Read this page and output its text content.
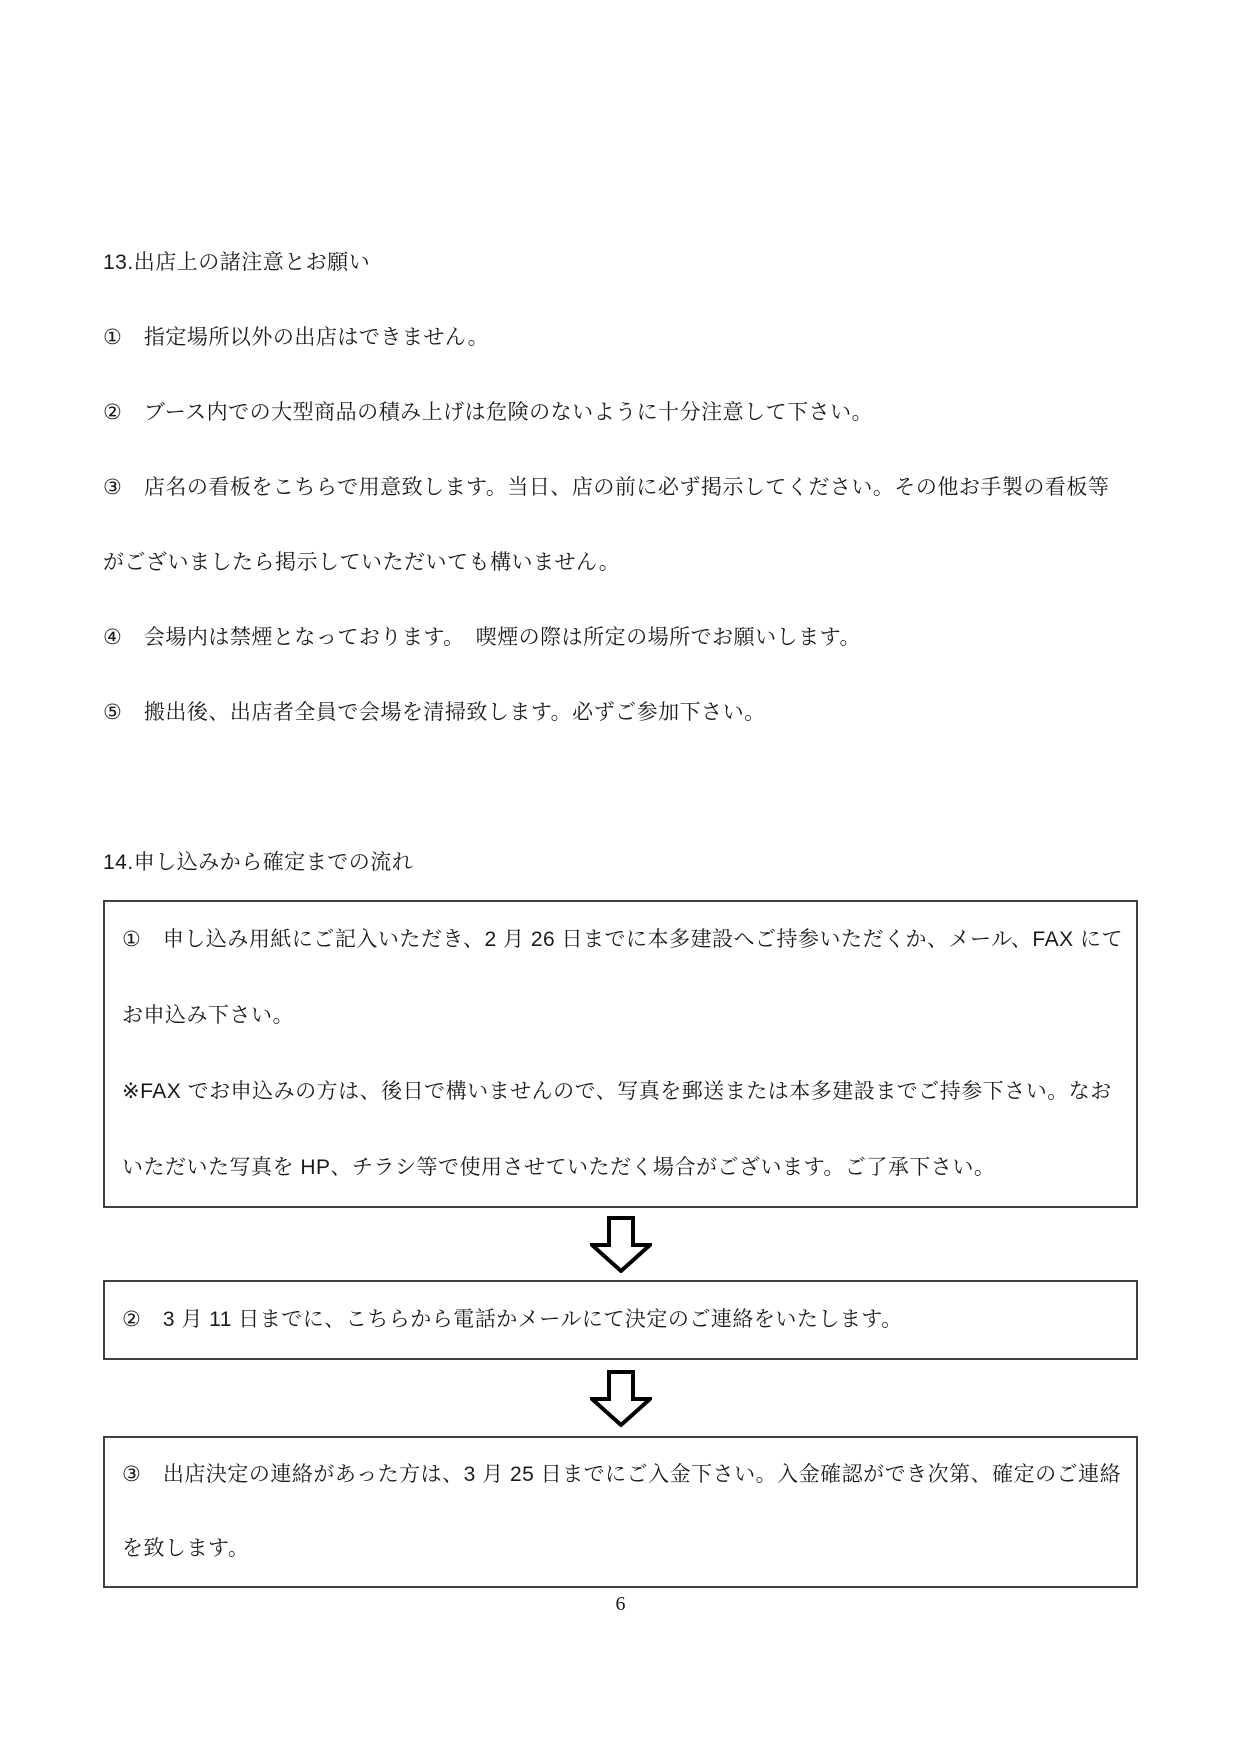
13.出店上の諸注意とお願い
①　指定場所以外の出店はできません。
②　ブース内での大型商品の積み上げは危険のないように十分注意して下さい。
③　店名の看板をこちらで用意致します。当日、店の前に必ず掲示してください。その他お手製の看板等
がございましたら掲示していただいても構いません。
④　会場内は禁煙となっております。　喫煙の際は所定の場所でお願いします。
⑤　搬出後、出店者全員で会場を清掃致します。必ずご参加下さい。
14.申し込みから確定までの流れ
①　申し込み用紙にご記入いただき、2 月 26 日までに本多建設へご持参いただくか、メール、FAX にて
お申込み下さい。
※FAX でお申込みの方は、後日で構いませんので、写真を郵送または本多建設までご持参下さい。なお
いただいた写真を HP、チラシ等で使用させていただく場合がございます。ご了承下さい。
②　3 月 11 日までに、こちらから電話かメールにて決定のご連絡をいたします。
③　出店決定の連絡があった方は、3 月 25 日までにご入金下さい。入金確認ができ次第、確定のご連絡
を致します。
6
